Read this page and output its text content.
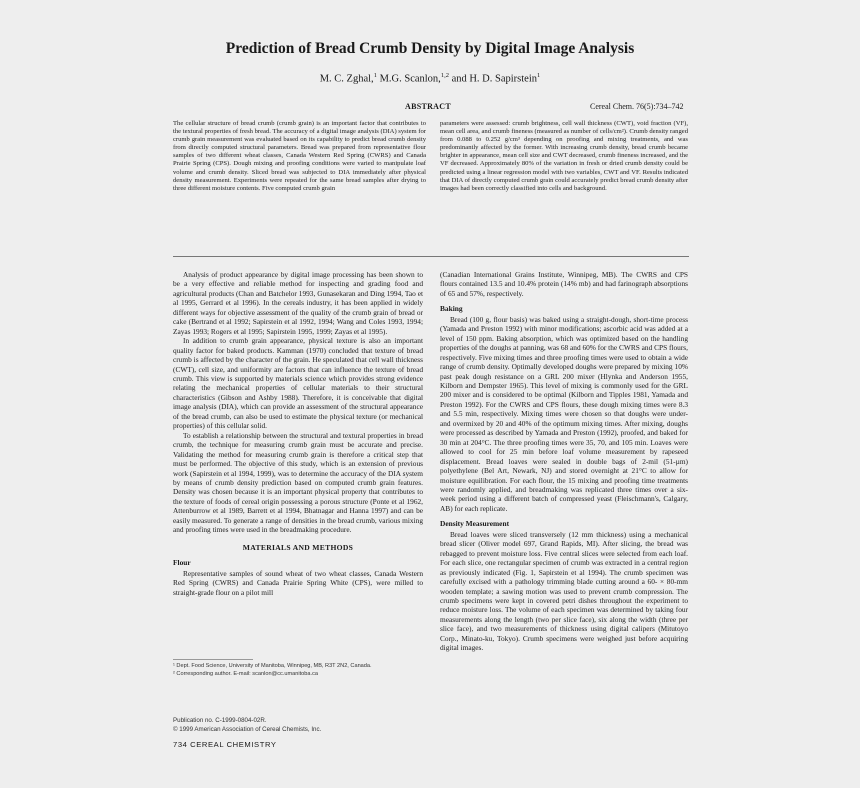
Prediction of Bread Crumb Density by Digital Image Analysis
M. C. Zghal,$^1$ M.G. Scanlon,$^{1,2}$ and H. D. Sapirstein$^1$
ABSTRACT	Cereal Chem. 76(5):734–742

The cellular structure of bread crumb (crumb grain) is an important factor that contributes to the textural properties of fresh bread. The accuracy of a digital image analysis (DIA) system for crumb grain measurement was evaluated based on its capability to predict bread crumb density from directly computed structural parameters. Bread was prepared from representative flour samples of two different wheat classes, Canada Western Red Spring (CWRS) and Canada Prairie Spring (CPS). Dough mixing and proofing conditions were varied to manipulate loaf volume and crumb density. Sliced bread was subjected to DIA immediately after physical density measurement. Experiments were repeated for the same bread samples after drying to three different moisture contents. Five computed crumb grain

parameters were assessed: crumb brightness, cell wall thickness (CWT), void fraction (VF), mean cell area, and crumb fineness (measured as number of cells/cm²). Crumb density ranged from 0.088 to 0.252 g/cm³ depending on proofing and mixing treatments, and was predominantly affected by the former. With increasing crumb density, bread crumb became brighter in appearance, mean cell size and CWT decreased, crumb fineness increased, and the VF decreased. Approximately 80% of the variation in fresh or dried crumb density could be predicted using a linear regression model with two variables, CWT and VF. Results indicated that DIA of directly computed crumb grain could accurately predict bread crumb density after images had been correctly classified into cells and background.

Analysis of product appearance by digital image processing has been shown to be a very effective and reliable method for inspecting and grading food and agricultural products (Chan and Batchelor 1993, Gunasekaran and Ding 1994, Tao et al 1995, Gerrard et al 1996). In the cereals industry, it has been applied in widely different ways for objective assessment of the quality of the crumb grain of bread or cake (Bertrand et al 1992; Sapirstein et al 1992, 1994; Wang and Coles 1993, 1994; Zayas 1993; Rogers et al 1995; Sapirstein 1995, 1999; Zayas et al 1995).

In addition to crumb grain appearance, physical texture is also an important quality factor for baked products. Kamman (1970) concluded that texture of bread crumb is affected by the character of the grain. He speculated that cell wall thickness (CWT), cell size, and uniformity are factors that can influence the texture of bread crumb. This view is supported by materials science which provides strong evidence relating the mechanical properties of cellular materials to their structural characteristics (Gibson and Ashby 1988). Therefore, it is conceivable that digital image analysis (DIA), which can provide an assessment of the structural appearance of the bread crumb, can also be used to estimate the physical texture (or mechanical properties) of this cellular solid.

To establish a relationship between the structural and textural properties in bread crumb, the technique for measuring crumb grain must be accurate and precise. Validating the method for measuring crumb grain is therefore a critical step that must be performed. The objective of this study, which is an extension of previous work (Sapirstein et al 1994, 1999), was to determine the accuracy of the DIA system by means of crumb density prediction based on computed crumb grain features. Density was chosen because it is an important physical property that contributes to the texture of foods of cereal origin possessing a porous structure (Ponte et al 1962, Attenburrow et al 1989, Barrett et al 1994, Bhatnagar and Hanna 1997) and can be easily measured. To generate a range of densities in the bread crumb, various mixing and proofing times were used in the breadmaking procedure.

MATERIALS AND METHODS
Flour

Representative samples of sound wheat of two wheat classes, Canada Western Red Spring (CWRS) and Canada Prairie Spring White (CPS), were milled to straight-grade flour on a pilot mill

¹ Dept. Food Science, University of Manitoba, Winnipeg, MB, R3T 2N2, Canada.
² Corresponding author. E-mail: scanlon@cc.umanitoba.ca
Publication no. C-1999-0804-02R.
© 1999 American Association of Cereal Chemists, Inc.
734 CEREAL CHEMISTRY

(Canadian International Grains Institute, Winnipeg, MB). The CWRS and CPS flours contained 13.5 and 10.4% protein (14% mb) and had farinograph absorptions of 65 and 57%, respectively.

Baking

Bread (100 g, flour basis) was baked using a straight-dough, short-time process (Yamada and Preston 1992) with minor modifications; ascorbic acid was added at a level of 150 ppm. Baking absorption, which was optimized based on the handling properties of the doughs at panning, was 68 and 60% for the CWRS and CPS flours, respectively. Five mixing times and three proofing times were used to obtain a wide range of crumb density. Optimally developed doughs were prepared by mixing 10% past peak dough resistance on a GRL 200 mixer (Hlynka and Anderson 1955, Kilborn and Dempster 1965). This level of mixing is commonly used for the GRL 200 mixer and is considered to be optimal (Kilborn and Tipples 1981, Yamada and Preston 1992). For the CWRS and CPS flours, these dough mixing times were 8.3 and 5.5 min, respectively. Mixing times were chosen so that doughs were under- and overmixed by 20 and 40% of the optimum mixing times. After mixing, doughs were processed as described by Yamada and Preston (1992), proofed, and baked for 30 min at 204°C. The three proofing times were 35, 70, and 105 min. Loaves were allowed to cool for 25 min before loaf volume measurement by rapeseed displacement. Bread loaves were sealed in double bags of 2-mil (51-µm) polyethylene (Bel Art, Newark, NJ) and stored overnight at 21°C to allow for moisture equilibration. For each flour, the 15 mixing and proofing time treatments were randomly applied, and breadmaking was replicated three times over a six-week period using a different batch of compressed yeast (Fleischmann's, Calgary, AB) for each replicate.

Density Measurement

Bread loaves were sliced transversely (12 mm thickness) using a mechanical bread slicer (Oliver model 697, Grand Rapids, MI). After slicing, the bread was rebagged to prevent moisture loss. Five central slices were selected from each loaf. For each slice, one rectangular specimen of crumb was extracted in a central region as previously indicated (Fig. 1, Sapirstein et al 1994). The crumb specimen was carefully excised with a pathology trimming blade cutting around a 60- × 80-mm wooden template; a sawing motion was used to prevent crumb compression. The crumb specimens were kept in covered petri dishes throughout the experiment to reduce moisture loss. The volume of each specimen was determined by taking four measurements along the length (two per slice face), six along the width (three per slice face), and two measurements of thickness using digital calipers (Mitutoyo Corp., Minato-ku, Tokyo). Crumb specimens were weighed just before acquiring digital images.
